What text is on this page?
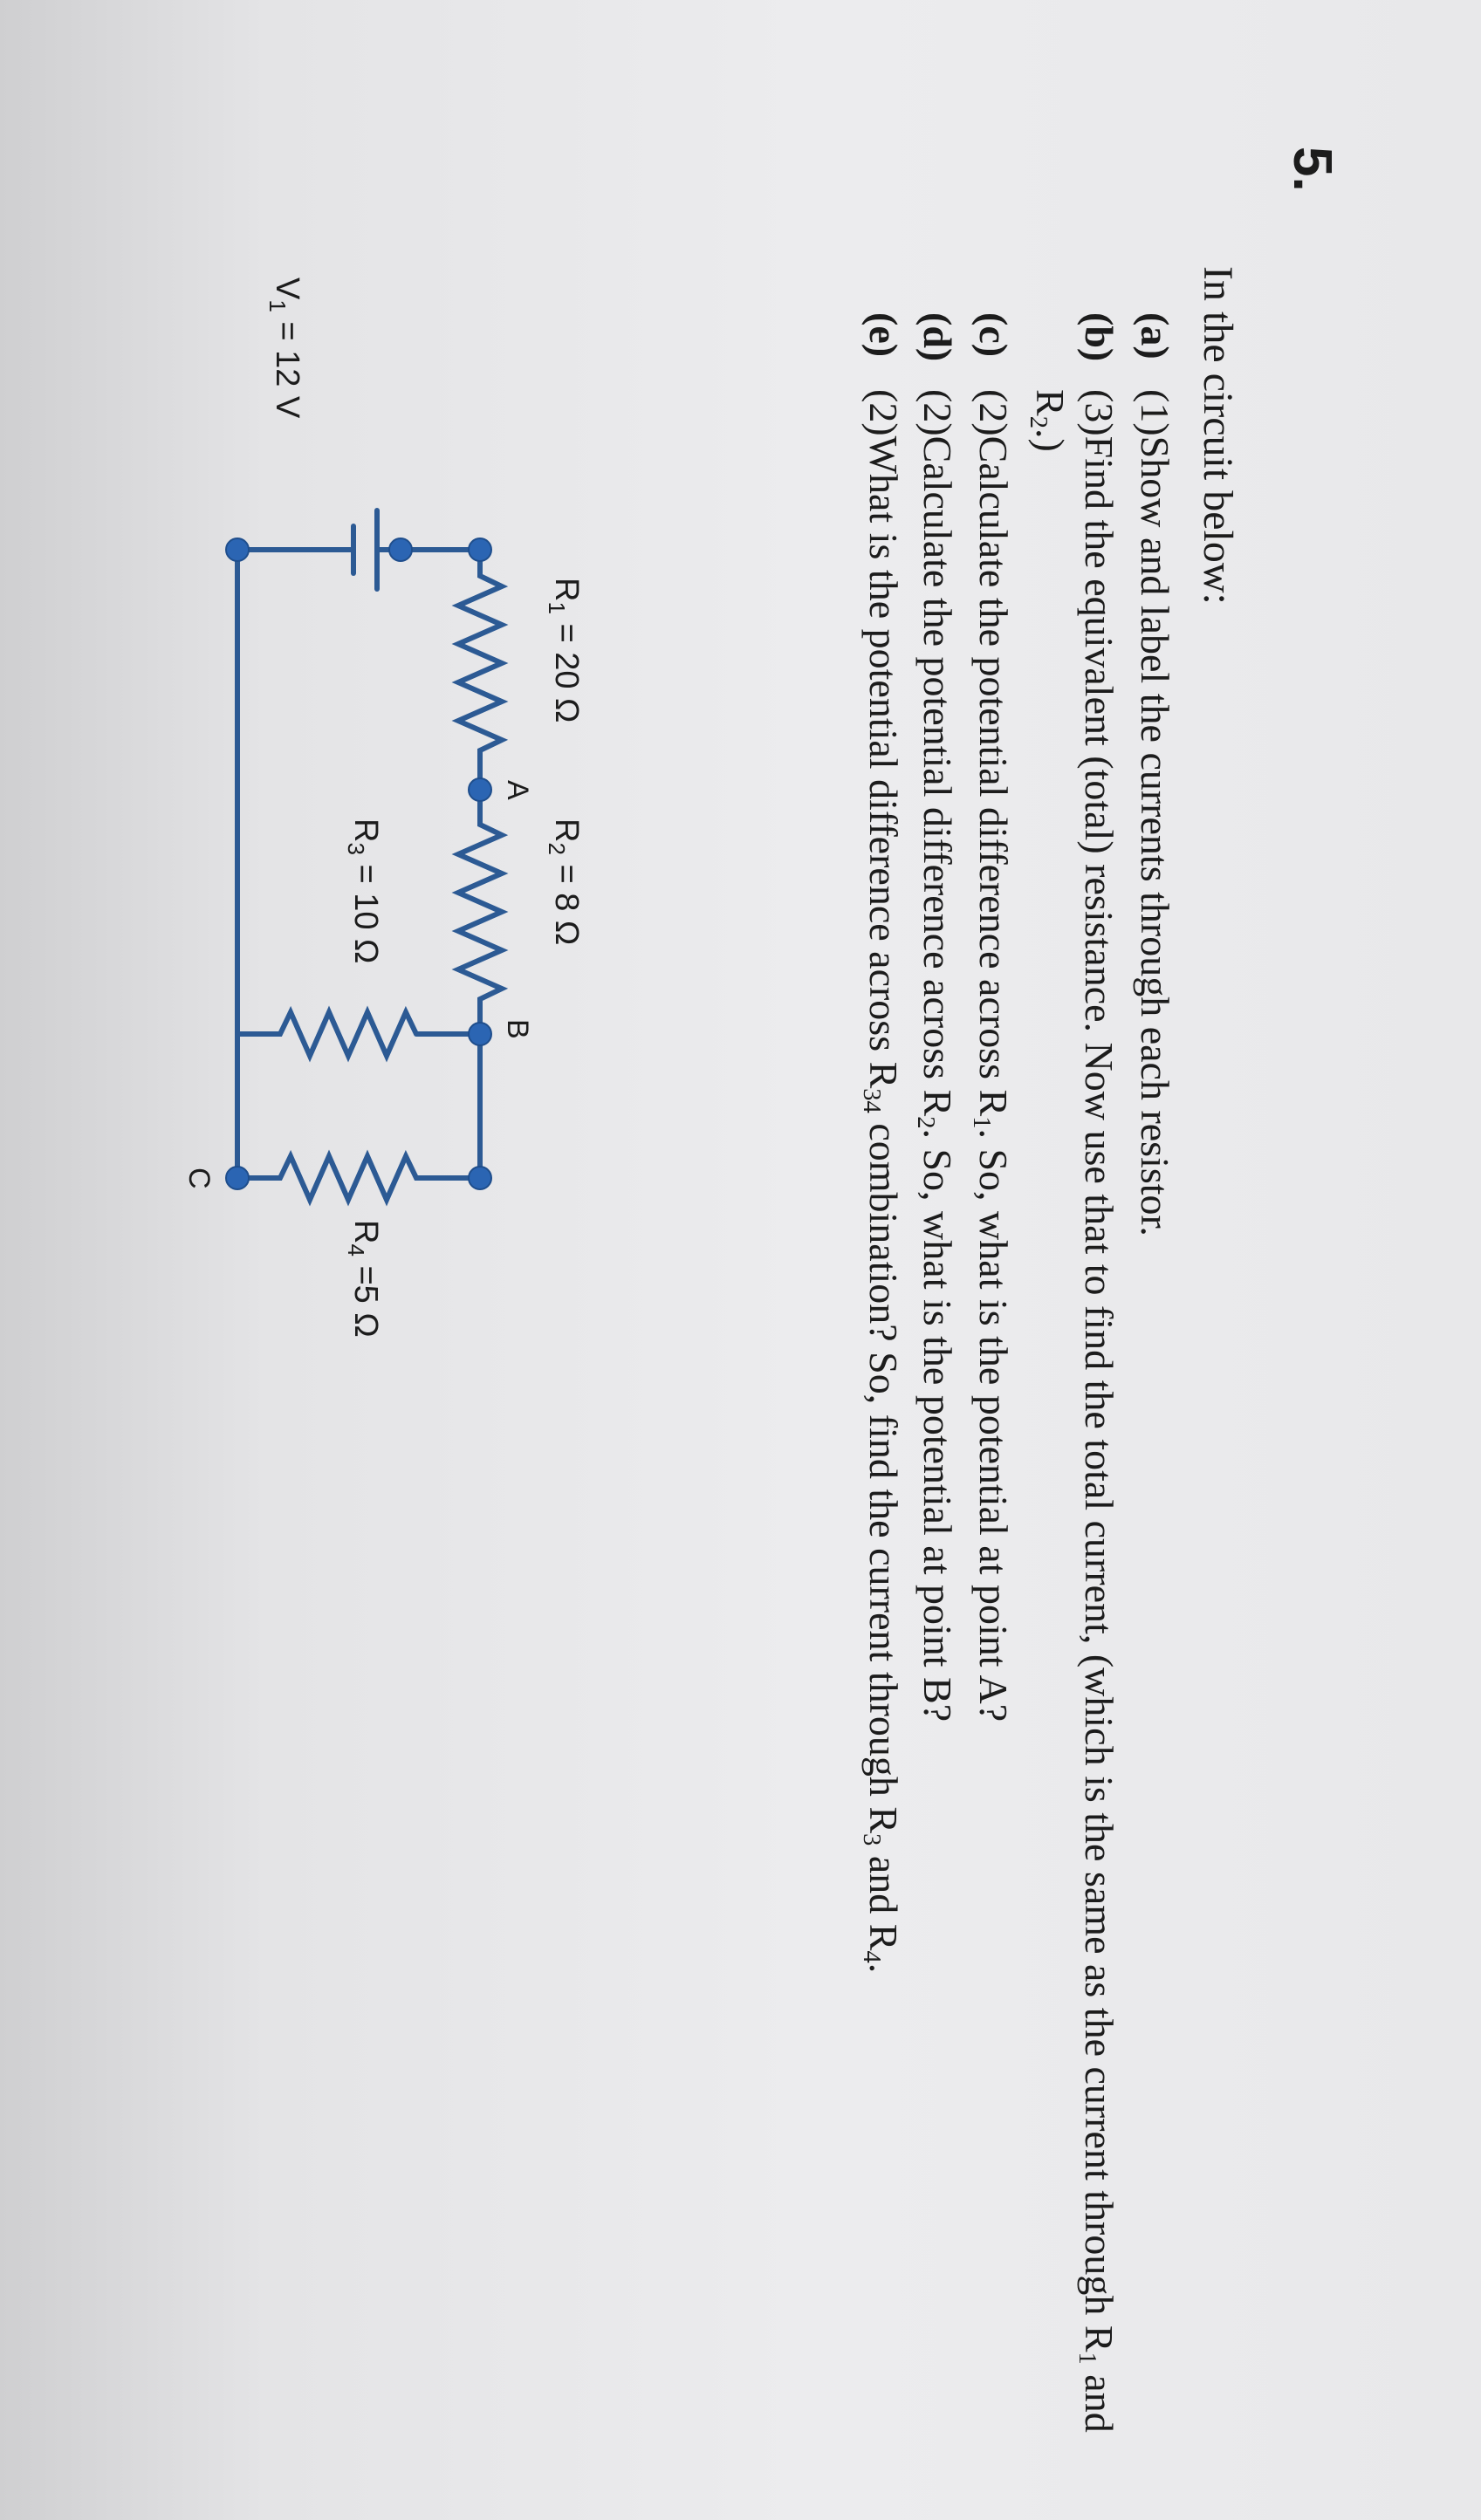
5.
In the circuit below:
(a)
(1)Show and label the currents through each resistor.
(b)
(3)Find the equivalent (total) resistance. Now use that to find the total current, (which is the same as the current through $R_1$ and $R_2$.)
(c)
(2)Calculate the potential difference across $R_1$. So, what is the potential at point A?
(d)
(2)Calculate the potential difference across $R_2$. So, what is the potential at point B?
(e)
(2)What is the potential difference across $R_{34}$ combination? So, find the current through $R_3$ and $R_4$.
$V_1 = 12$ V
$R_1 = 20$ Ω
$R_2 = 8$ Ω
$R_3 = 10$ Ω
$R_4 =5$ Ω
A
B
C
